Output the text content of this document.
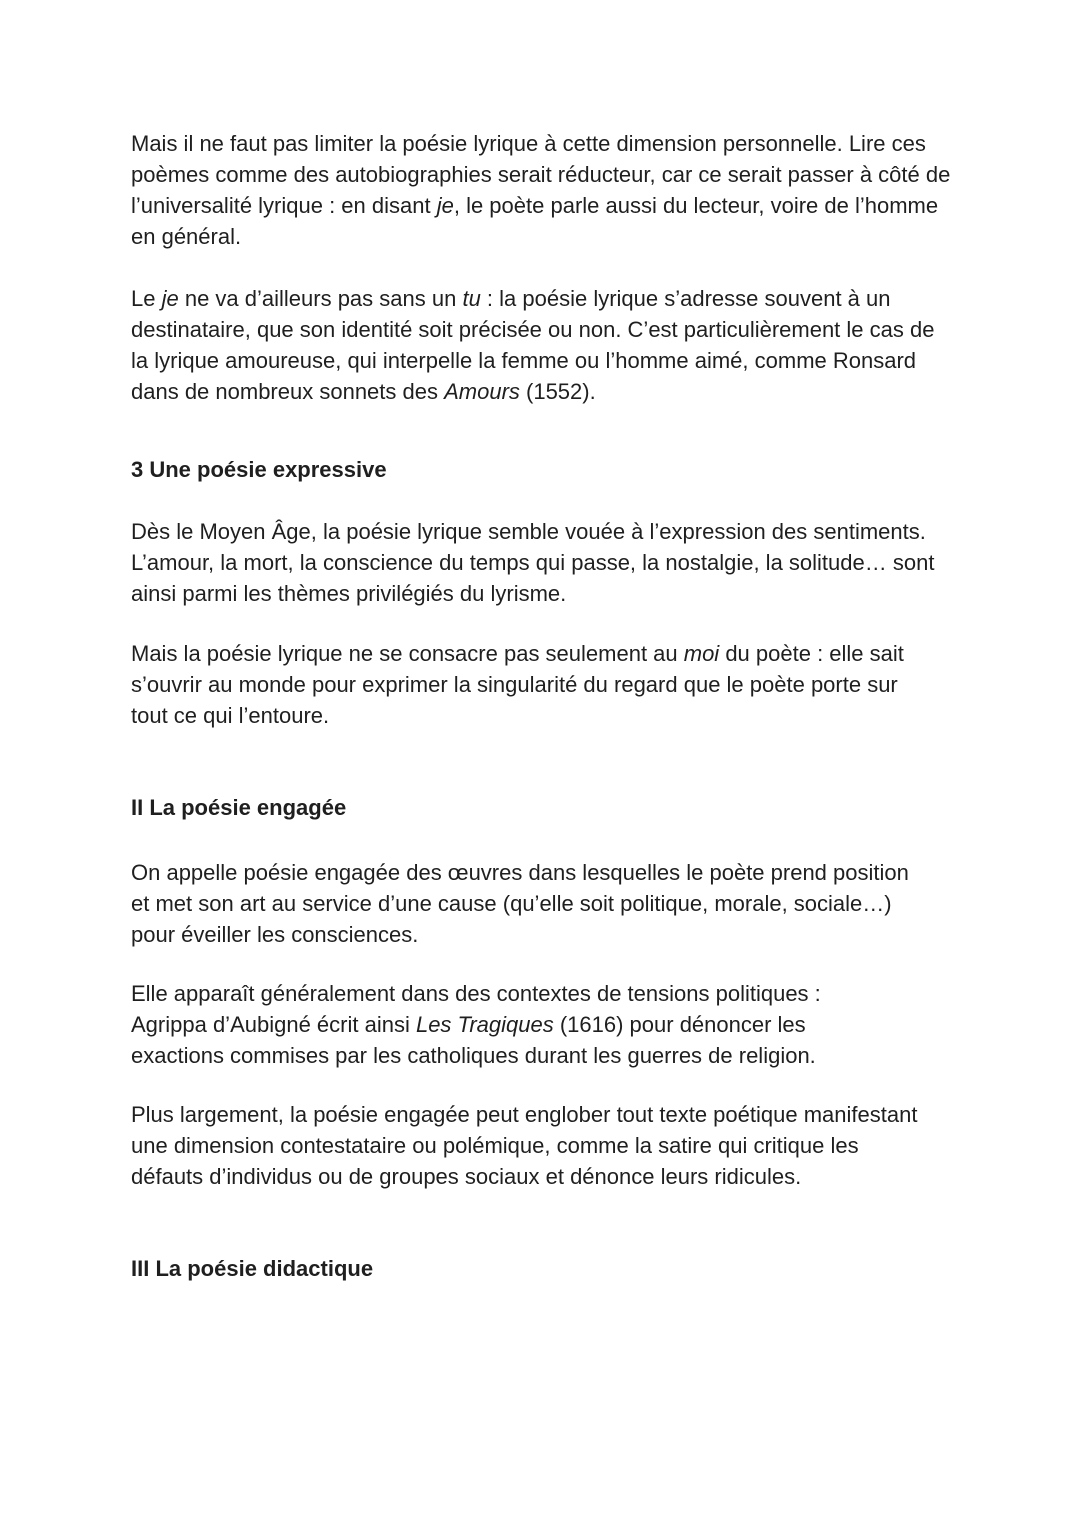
Mais il ne faut pas limiter la poésie lyrique à cette dimension personnelle. Lire ces poèmes comme des autobiographies serait réducteur, car ce serait passer à côté de l’universalité lyrique : en disant je, le poète parle aussi du lecteur, voire de l’homme en général.

Le je ne va d’ailleurs pas sans un tu : la poésie lyrique s’adresse souvent à un destinataire, que son identité soit précisée ou non. C’est particulièrement le cas de la lyrique amoureuse, qui interpelle la femme ou l’homme aimé, comme Ronsard dans de nombreux sonnets des Amours (1552).

3 Une poésie expressive

Dès le Moyen Âge, la poésie lyrique semble vouée à l’expression des sentiments. L’amour, la mort, la conscience du temps qui passe, la nostalgie, la solitude… sont ainsi parmi les thèmes privilégiés du lyrisme.

Mais la poésie lyrique ne se consacre pas seulement au moi du poète : elle sait s’ouvrir au monde pour exprimer la singularité du regard que le poète porte sur tout ce qui l’entoure.

II La poésie engagée

On appelle poésie engagée des œuvres dans lesquelles le poète prend position et met son art au service d’une cause (qu’elle soit politique, morale, sociale…) pour éveiller les consciences.

Elle apparaît généralement dans des contextes de tensions politiques : Agrippa d’Aubigné écrit ainsi Les Tragiques (1616) pour dénoncer les exactions commises par les catholiques durant les guerres de religion.

Plus largement, la poésie engagée peut englober tout texte poétique manifestant une dimension contestataire ou polémique, comme la satire qui critique les défauts d’individus ou de groupes sociaux et dénonce leurs ridicules.

III La poésie didactique
